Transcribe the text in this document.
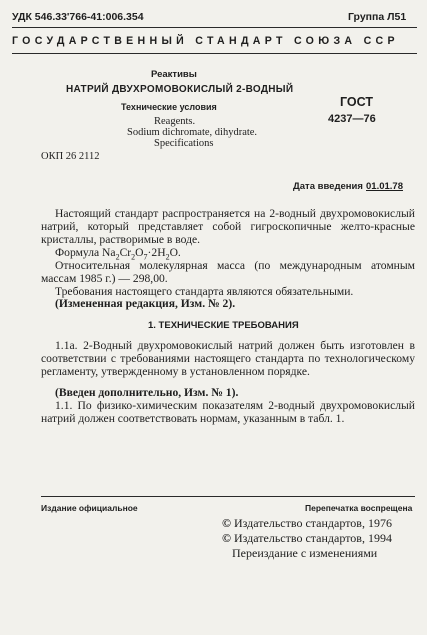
УДК 546.33'766-41:006.354	Группа Л51
ГОСУДАРСТВЕННЫЙ СТАНДАРТ СОЮЗА ССР
Реактивы
НАТРИЙ ДВУХРОМОВОКИСЛЫЙ 2-ВОДНЫЙ
Технические условия
Reagents.
Sodium dichromate, dihydrate.
Specifications
ГОСТ
4237—76
ОКП 26 2112
Дата введения 01.01.78

Настоящий стандарт распространяется на 2-водный двухромовокислый натрий, который представляет собой гигроскопичные желто-красные кристаллы, растворимые в воде.

Формула $Na_2Cr_2O_7\cdot 2H_2O$.

Относительная молекулярная масса (по международным атомным массам 1985 г.) — 298,00.

Требования настоящего стандарта являются обязательными.

(Измененная редакция, Изм. № 2).
1. ТЕХНИЧЕСКИЕ ТРЕБОВАНИЯ

1.1а. 2-Водный двухромовокислый натрий должен быть изготовлен в соответствии с требованиями настоящего стандарта по технологическому регламенту, утвержденному в установленном порядке.

(Введен дополнительно, Изм. № 1).

1.1. По физико-химическим показателям 2-водный двухромовокислый натрий должен соответствовать нормам, указанным в табл. 1.

Издание официальное	Перепечатка воспрещена
© Издательство стандартов, 1976
© Издательство стандартов, 1994
Переиздание с изменениями
